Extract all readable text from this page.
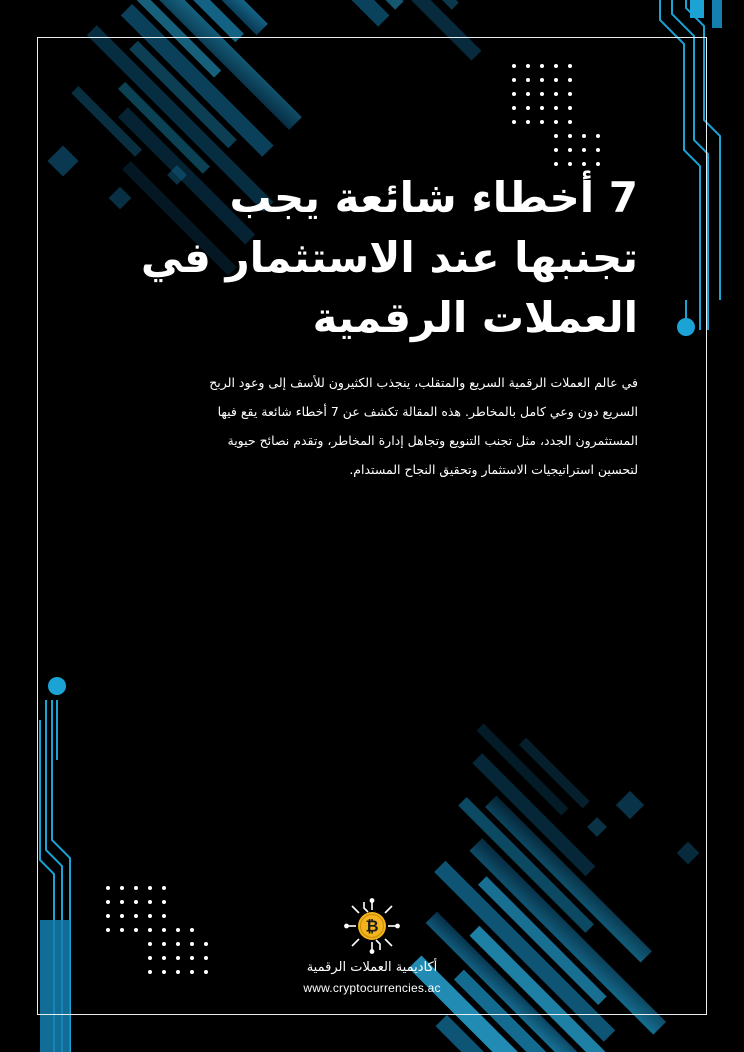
7 أخطاء شائعة يجب
تجنبها عند الاستثمار في
العملات الرقمية

في عالم العملات الرقمية السريع والمتقلب، ينجذب الكثيرون للأسف إلى وعود الربح
السريع دون وعي كامل بالمخاطر. هذه المقالة تكشف عن 7 أخطاء شائعة يقع فيها
المستثمرون الجدد، مثل تجنب التنويع وتجاهل إدارة المخاطر، وتقدم نصائح حيوية
لتحسين استراتيجيات الاستثمار وتحقيق النجاح المستدام.

₿
أكاديمية العملات الرقمية
www.cryptocurrencies.ac
